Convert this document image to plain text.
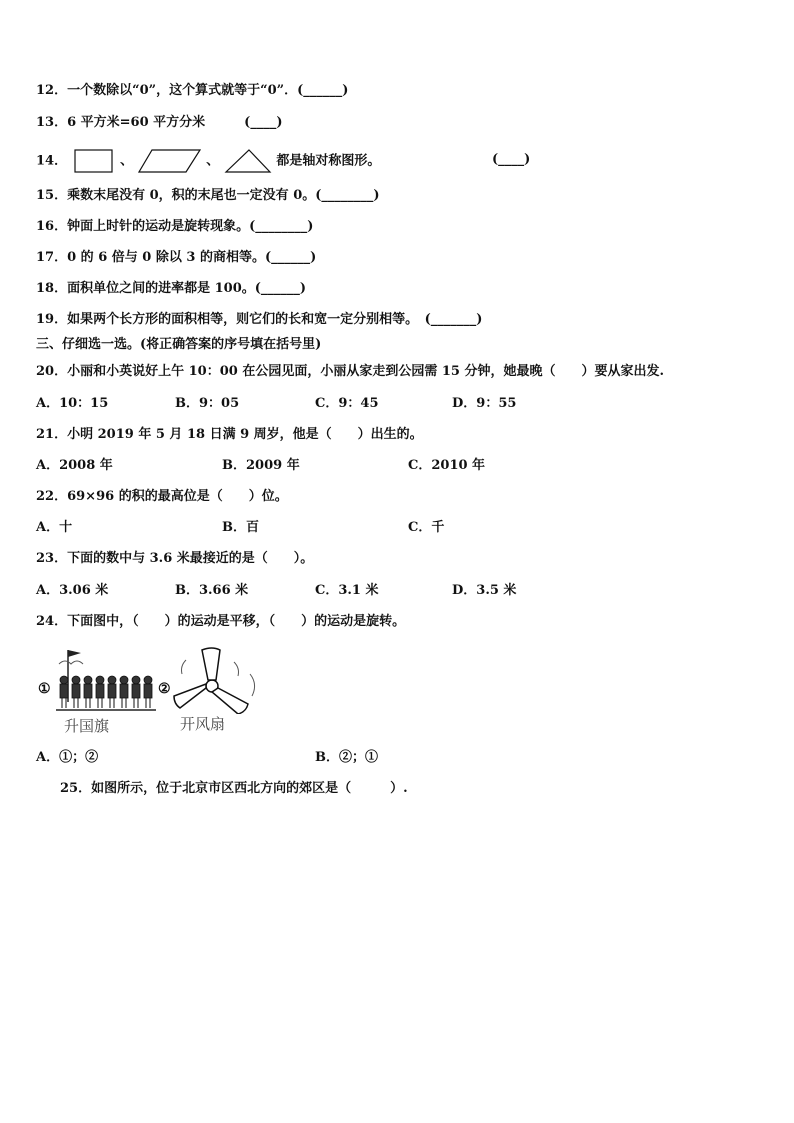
12．一个数除以“0”，这个算式就等于“0”．(______)
13．6 平方米=60 平方分米　　　(____)
14．	、	、	都是轴对称图形。	(____)
15．乘数末尾没有 0，积的末尾也一定没有 0。(________)
16．钟面上时针的运动是旋转现象。(________)
17．0 的 6 倍与 0 除以 3 的商相等。(______)
18．面积单位之间的进率都是 100。(______)
19．如果两个长方形的面积相等，则它们的长和宽一定分别相等。　(_______)
三、仔细选一选。(将正确答案的序号填在括号里)
20．小丽和小英说好上午 10：00 在公园见面，小丽从家走到公园需 15 分钟，她最晚（　　）要从家出发.
A．10：15	B．9：05	C．9：45	D．9：55
21．小明 2019 年 5 月 18 日满 9 周岁，他是（　　）出生的。
A．2008 年	B．2009 年	C．2010 年
22．69×96 的积的最高位是（　　）位。
A．十	B．百	C．千
23．下面的数中与 3.6 米最接近的是（　　）。
A．3.06 米	B．3.66 米	C．3.1 米	D．3.5 米
24．下面图中，（　　）的运动是平移，（　　）的运动是旋转。
①
升国旗
②
开风扇
A．①；②	B．②；①
25．如图所示，位于北京市区西北方向的郊区是（　　　）.
